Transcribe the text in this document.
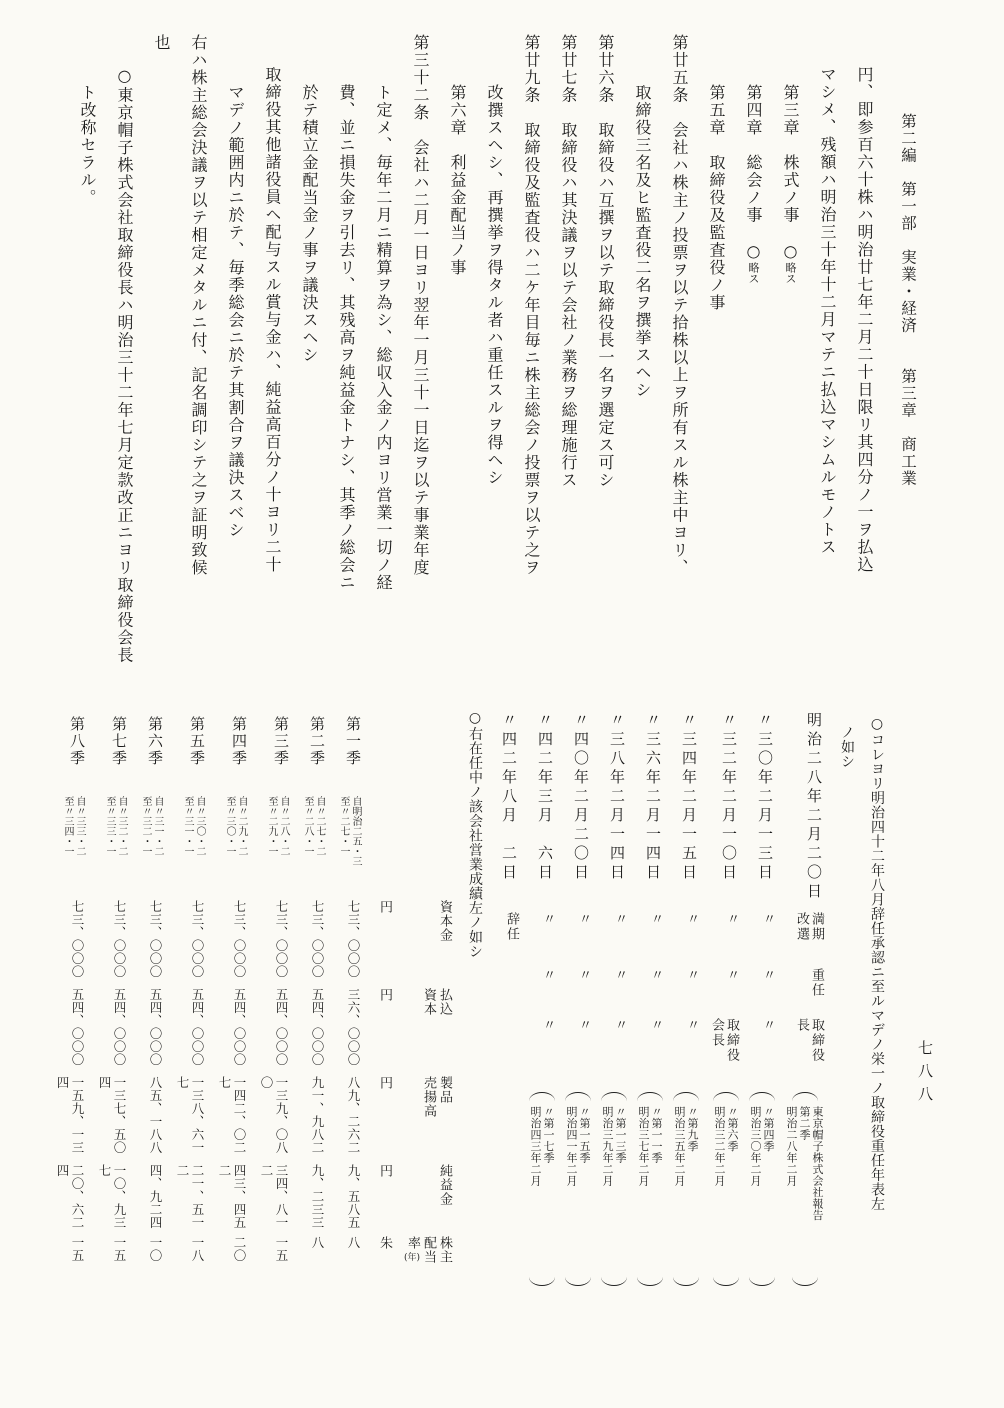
第二編　第一部　実業・経済　　第三章　商工業
円、即参百六十株ハ明治廿七年二月二十日限リ其四分ノ一ヲ払込
マシメ、残額ハ明治三十年十二月マテニ払込マシムルモノトス
第三章　株式ノ事　○略ス
第四章　総会ノ事　○略ス
第五章　取締役及監査役ノ事
第廿五条　会社ハ株主ノ投票ヲ以テ拾株以上ヲ所有スル株主中ヨリ、
取締役三名及ヒ監査役二名ヲ撰挙スヘシ
第廿六条　取締役ハ互撰ヲ以テ取締役長一名ヲ選定ス可シ
第廿七条　取締役ハ其決議ヲ以テ会社ノ業務ヲ総理施行ス
第廿九条　取締役及監査役ハ二ケ年目毎ニ株主総会ノ投票ヲ以テ之ヲ
改撰スヘシ、再撰挙ヲ得タル者ハ重任スルヲ得ヘシ
第六章　利益金配当ノ事
第三十二条　会社ハ二月一日ヨリ翌年一月三十一日迄ヲ以テ事業年度
ト定メ、毎年二月ニ精算ヲ為シ、総収入金ノ内ヨリ営業一切ノ経
費、並ニ損失金ヲ引去リ、其残高ヲ純益金トナシ、其季ノ総会ニ
於テ積立金配当金ノ事ヲ議決スヘシ
取締役其他諸役員ヘ配与スル賞与金ハ、純益高百分ノ十ヨリ二十
マデノ範囲内ニ於テ、毎季総会ニ於テ其割合ヲ議決スベシ
右ハ株主総会決議ヲ以テ相定メタルニ付、記名調印シテ之ヲ証明致候
也
○東京帽子株式会社取締役長ハ明治三十二年七月定款改正ニヨリ取締役会長
ト改称セラル。
○コレヨリ明治四十二年八月辞任承認ニ至ルマデノ栄一ノ取締役重任年表左
ノ如シ
明治二八年二月二〇日
満期
改選
重任
取締役
長
東京帽子株式会社報告
第二季
明治二八年二月
〃三〇年二月一三日
〃
〃
〃
〃第四季
明治三〇年二月
〃三二年二月一〇日
〃
〃
取締役
会長
〃第六季
明治三二年二月
〃三四年二月一五日
〃
〃
〃
〃第九季
明治三五年二月
〃三六年二月一四日
〃
〃
〃
〃第一一季
明治三七年二月
〃三八年二月一四日
〃
〃
〃
〃第一三季
明治三九年二月
〃四〇年二月二〇日
〃
〃
〃
〃第一五季
明治四一年二月
〃四二年三月　六日
〃
〃
〃
〃第一七季
明治四三年二月
〃四二年八月　二日
辞任
○右在任中ノ該会社営業成績左ノ如シ
資本金
払込
資本
製品
売揚高
純益金
株主
配当率(年)
円
円
円
円
朱
第一季
自明治二五・三
至〃二七・一
七三、〇〇〇
三六、〇〇〇
八九、二六二
九、五八五
八
第二季
自〃二七・二
至〃二八・一
七三、〇〇〇
五四、〇〇〇
九一、九八二
九、二三三
八
第三季
自〃二八・二
至〃二九・一
七三、〇〇〇
五四、〇〇〇
一三九、〇八〇
三四、八一二
一五
第四季
自〃二九・二
至〃三〇・一
七三、〇〇〇
五四、〇〇〇
一四二、〇二七
四三、四五二
二〇
第五季
自〃三〇・二
至〃三一・一
七三、〇〇〇
五四、〇〇〇
一三八、六一七
二一、五一二
一八
第六季
自〃三一・二
至〃三二・一
七三、〇〇〇
五四、〇〇〇
八五、一八八
四、九二四
一〇
第七季
自〃三二・二
至〃三三・一
七三、〇〇〇
五四、〇〇〇
一三七、五〇四
一〇、九三七
一五
第八季
自〃三三・二
至〃三四・一
七三、〇〇〇
五四、〇〇〇
一五九、一三四
二〇、六二四
一五
七八八
